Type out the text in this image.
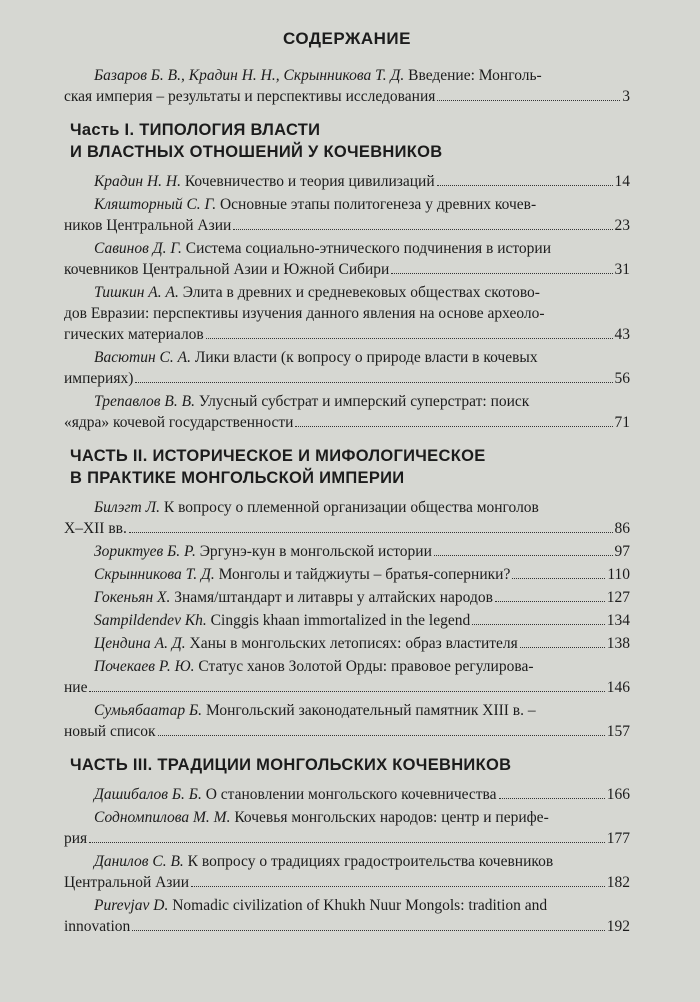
СОДЕРЖАНИЕ
Базаров Б. В., Крадин Н. Н., Скрынникова Т. Д. Введение: Монголь-
ская империя – результаты и перспективы исследования	3
Часть I. ТИПОЛОГИЯ ВЛАСТИ
И ВЛАСТНЫХ ОТНОШЕНИЙ У КОЧЕВНИКОВ
Крадин Н. Н. Кочевничество и теория цивилизаций	14
Кляшторный С. Г. Основные этапы политогенеза у древних кочев-
ников Центральной Азии	23
Савинов Д. Г. Система социально-этнического подчинения в истории
кочевников Центральной Азии и Южной Сибири	31
Тишкин А. А. Элита в древних и средневековых обществах скотово-
дов Евразии: перспективы изучения данного явления на основе археоло-
гических материалов	43
Васютин С. А. Лики власти (к вопросу о природе власти в кочевых
империях)	56
Трепавлов В. В. Улусный субстрат и имперский суперстрат: поиск
«ядра» кочевой государственности	71
ЧАСТЬ II. ИСТОРИЧЕСКОЕ И МИФОЛОГИЧЕСКОЕ
В ПРАКТИКЕ МОНГОЛЬСКОЙ ИМПЕРИИ
Билэгт Л. К вопросу о племенной организации общества монголов
X–XII вв.	86
Зориктуев Б. Р. Эргунэ-кун в монгольской истории	97
Скрынникова Т. Д. Монголы и тайджиуты – братья-соперники?	110
Гокеньян Х. Знамя/штандарт и литавры у алтайских народов	127
Sampildendev Kh. Cinggis khaan immortalized in the legend	134
Цендина А. Д. Ханы в монгольских летописях: образ властителя	138
Почекаев Р. Ю. Статус ханов Золотой Орды: правовое регулирова-
ние	146
Сумьябаатар Б. Монгольский законодательный памятник XIII в. –
новый список	157
ЧАСТЬ III. ТРАДИЦИИ МОНГОЛЬСКИХ КОЧЕВНИКОВ
Дашибалов Б. Б. О становлении монгольского кочевничества	166
Содномпилова М. М. Кочевья монгольских народов: центр и перифе-
рия	177
Данилов С. В. К вопросу о традициях градостроительства кочевников
Центральной Азии	182
Purevjav D. Nomadic civilization of Khukh Nuur Mongols: tradition and
innovation	192
